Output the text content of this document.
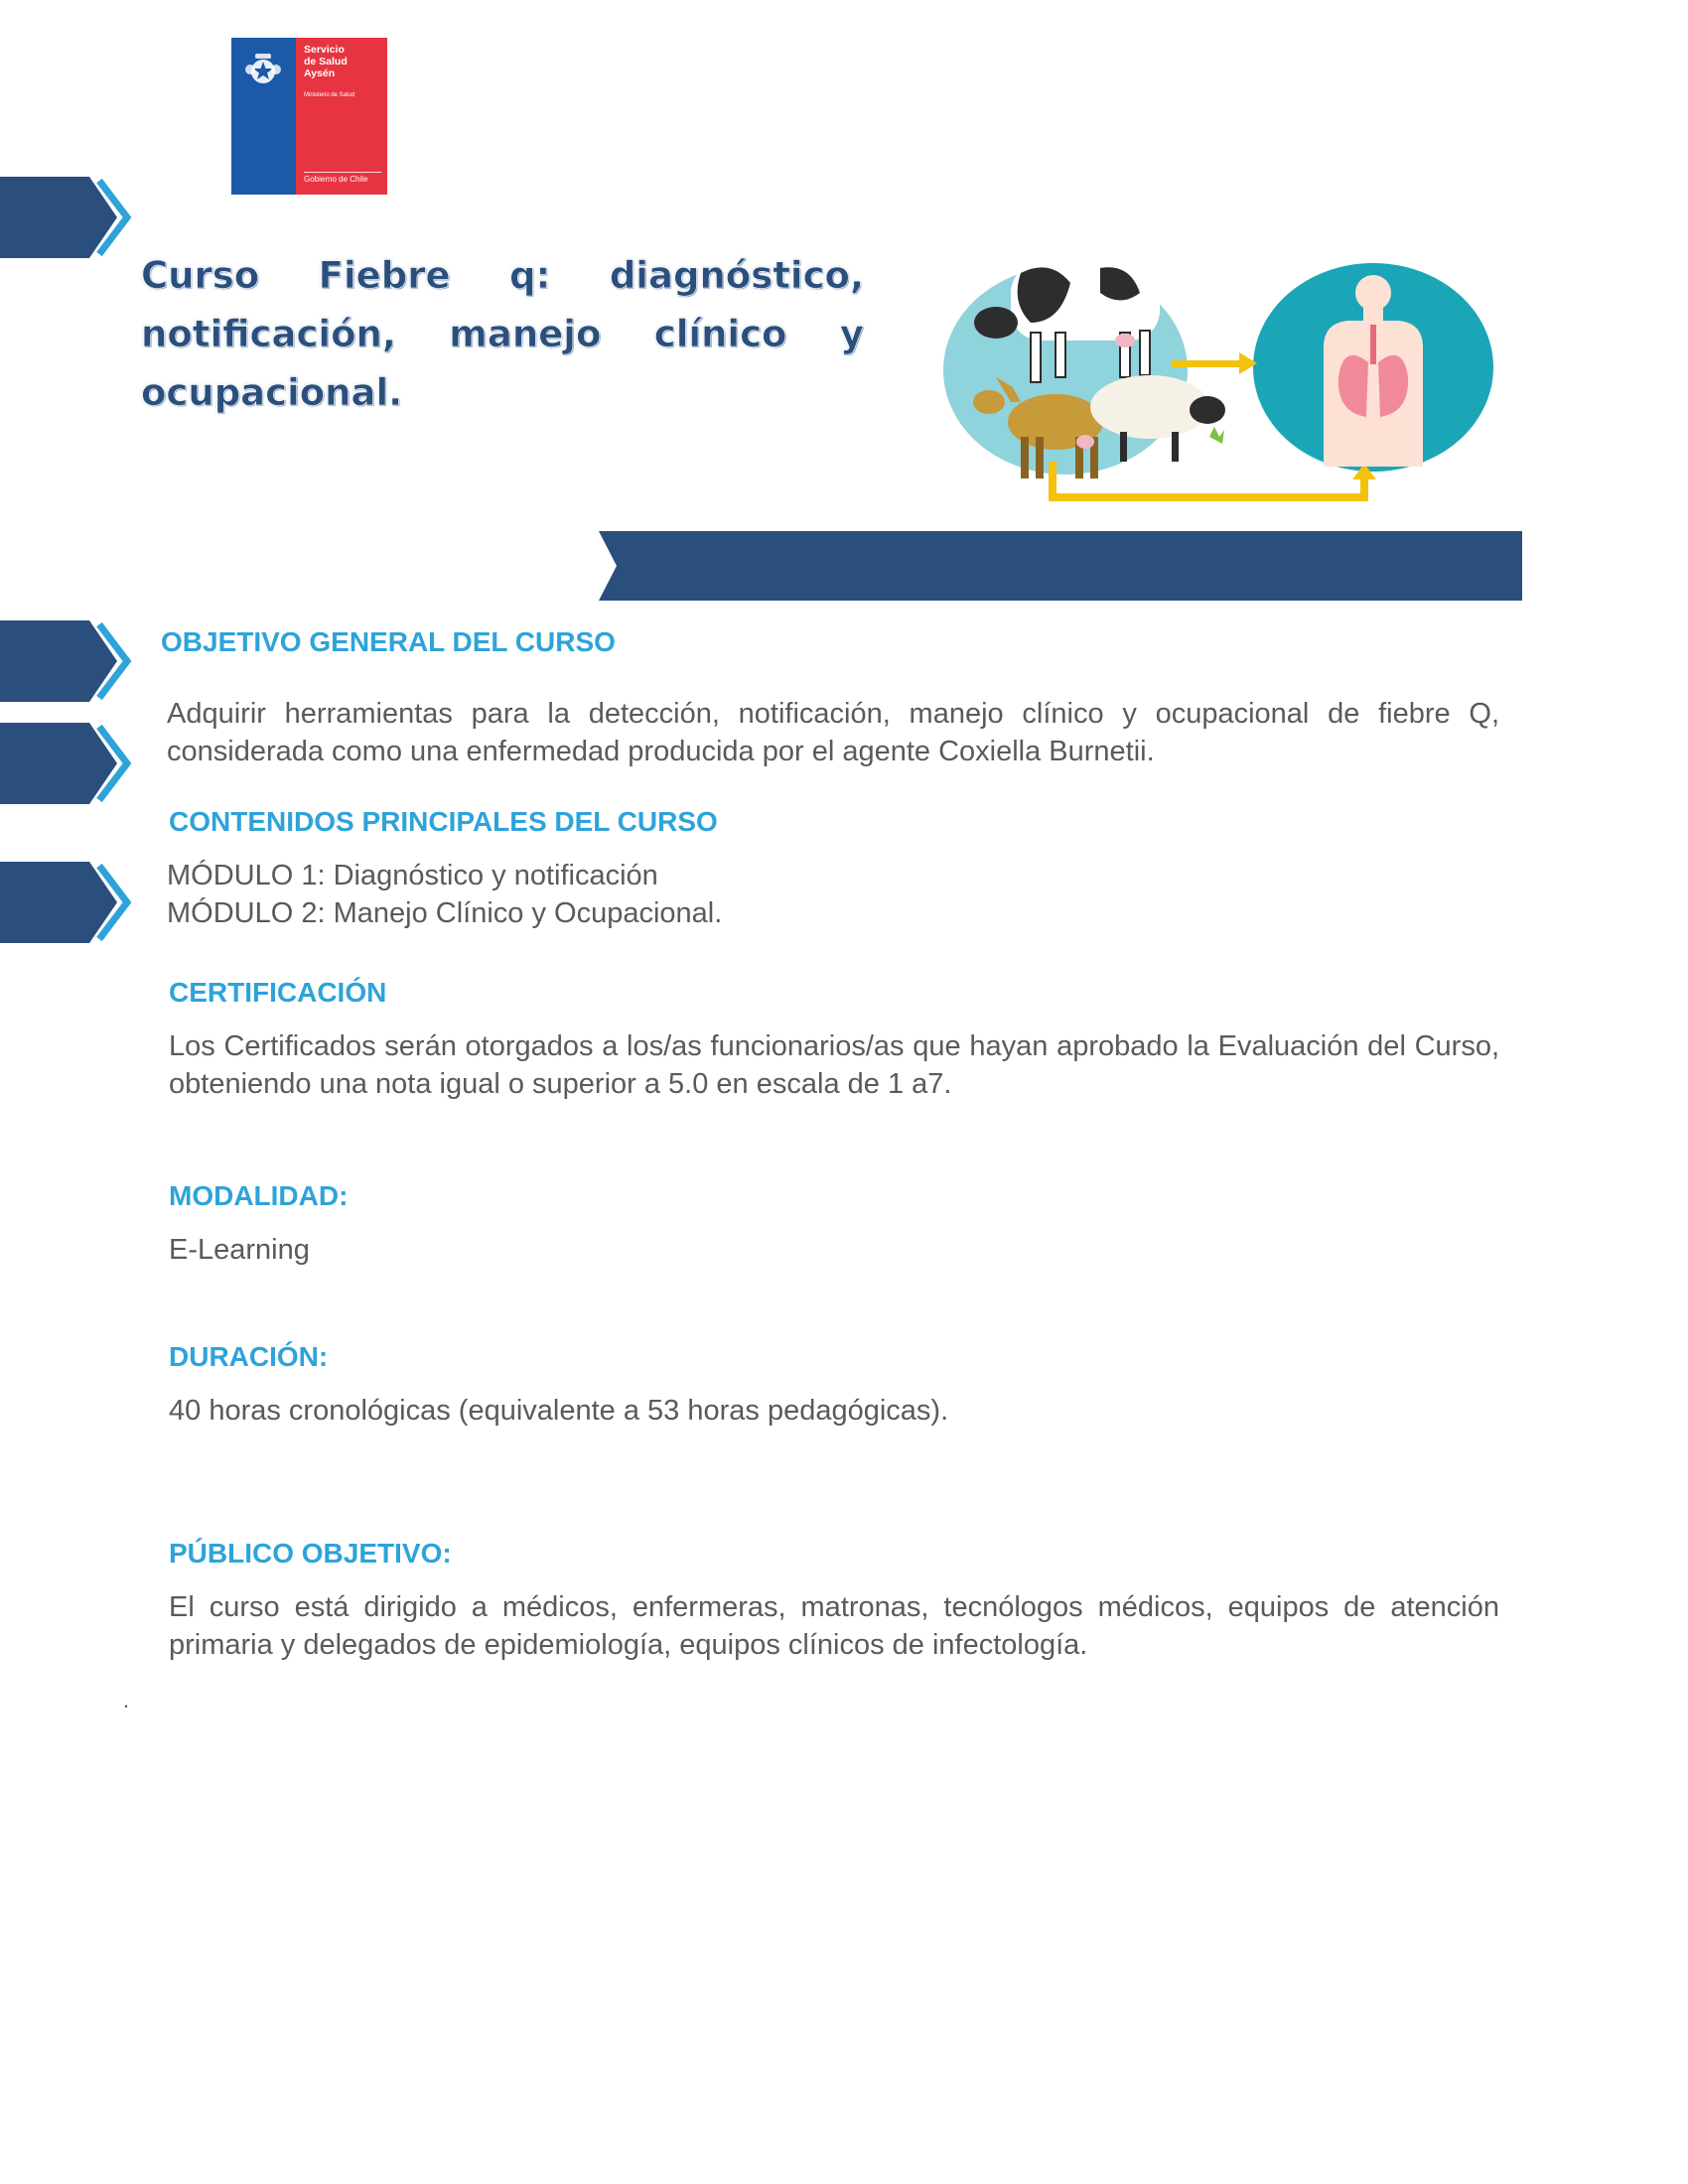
Servicio
de Salud
Aysén
Ministerio de Salud
Gobierno de Chile
Curso Fiebre q: diagnóstico, notificación, manejo clínico y ocupacional.
OBJETIVO GENERAL DEL CURSO

Adquirir herramientas para la detección, notificación, manejo clínico y ocupacional de fiebre Q, considerada como una enfermedad producida por el agente Coxiella Burnetii.

CONTENIDOS PRINCIPALES DEL CURSO
MÓDULO 1: Diagnóstico y notificación
MÓDULO 2: Manejo Clínico y Ocupacional.
CERTIFICACIÓN

Los Certificados serán otorgados a los/as funcionarios/as que hayan aprobado la Evaluación del Curso, obteniendo una nota igual o superior a 5.0 en escala de 1 a7.

MODALIDAD:

E-Learning

DURACIÓN:

40 horas cronológicas (equivalente a 53 horas pedagógicas).

PÚBLICO OBJETIVO:

El curso está dirigido a médicos, enfermeras, matronas, tecnólogos médicos, equipos de atención primaria y delegados de epidemiología, equipos clínicos de infectología.

.
